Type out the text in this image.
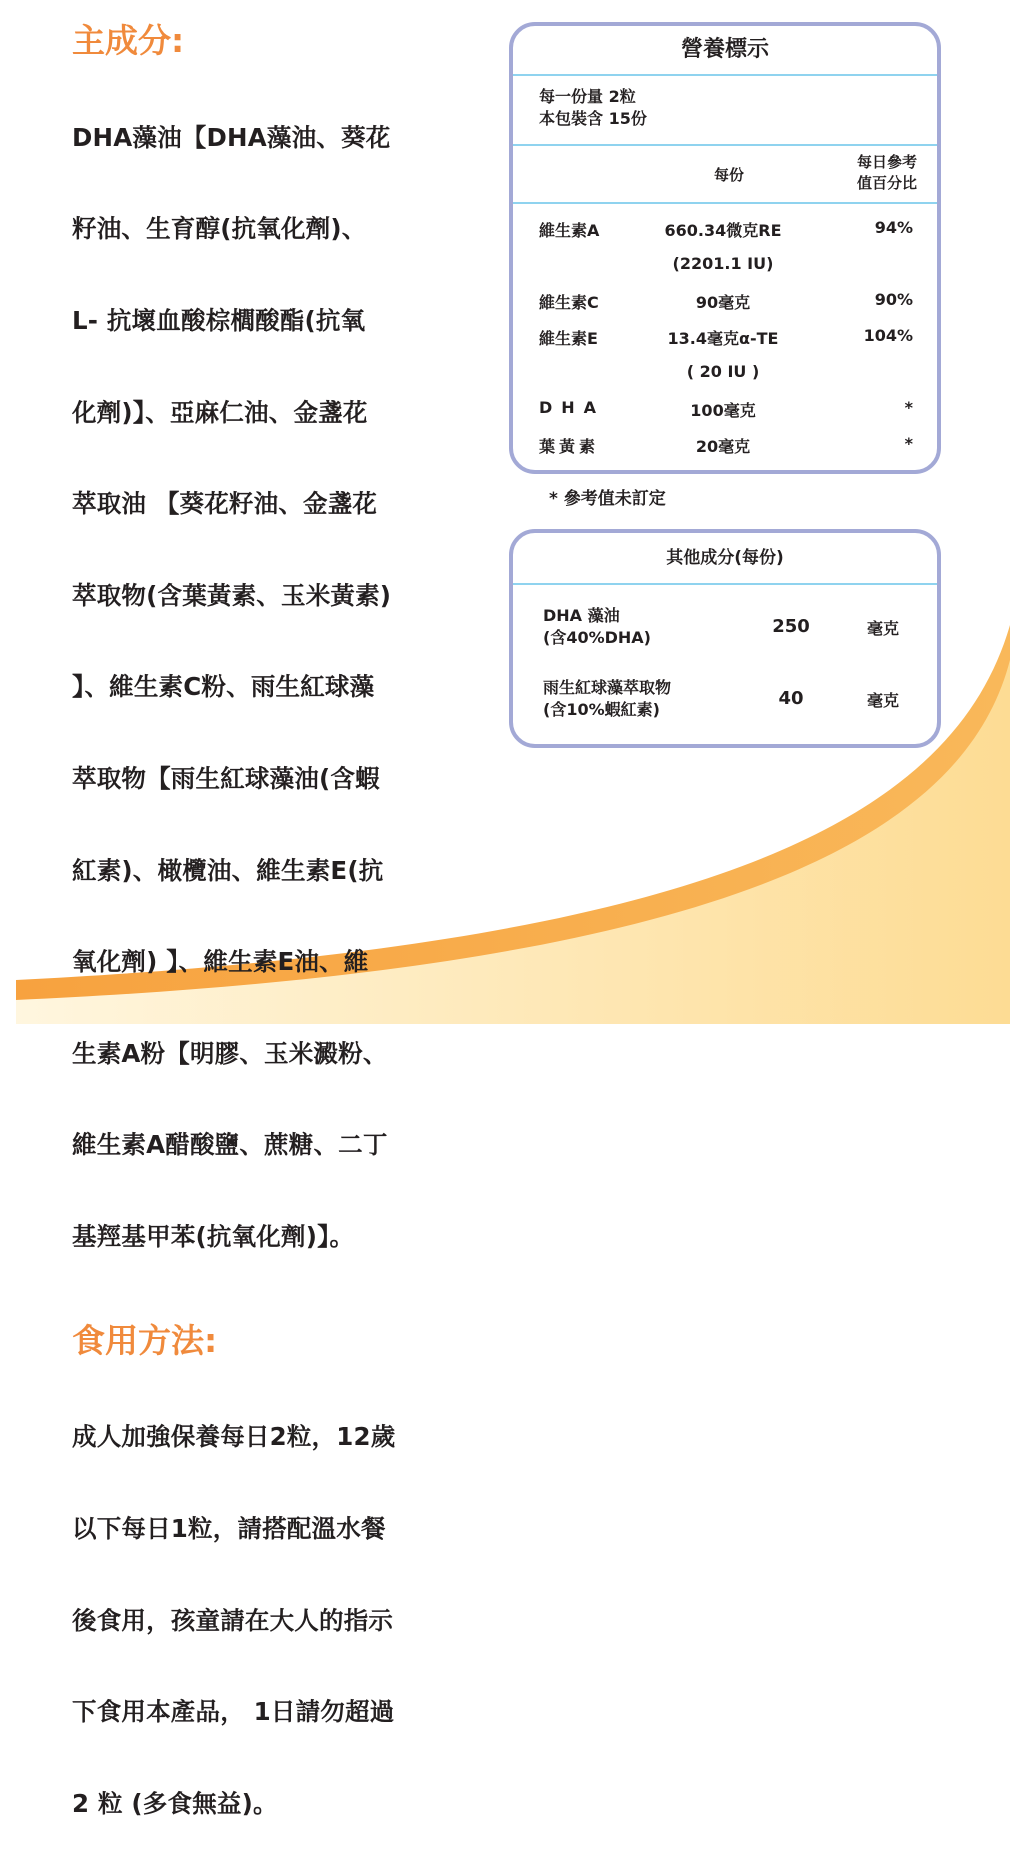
主成分:

DHA藻油【DHA藻油、葵花

籽油、生育醇(抗氧化劑)、

L- 抗壞血酸棕櫚酸酯(抗氧

化劑)】、亞麻仁油、金盞花

萃取油 【葵花籽油、金盞花

萃取物(含葉黃素、玉米黃素)

】、維生素C粉、雨生紅球藻

萃取物【雨生紅球藻油(含蝦

紅素)、橄欖油、維生素E(抗

氧化劑) 】、維生素E油、維

生素A粉【明膠、玉米澱粉、

維生素A醋酸鹽、蔗糖、二丁

基羥基甲苯(抗氧化劑)】。

食用方法:

成人加強保養每日2粒，12歲

以下每日1粒，請搭配溫水餐

後食用，孩童請在大人的指示

下食用本產品， 1日請勿超過

2 粒 (多食無益)。

營養標示
每一份量 2粒
本包裝含 15份
每份
每日參考
值百分比
維生素A	660.34微克RE	94%
(2201.1 IU)
維生素C	90毫克	90%
維生素E	13.4毫克α-TE	104%
( 20 IU )
DHA	100毫克	*
葉黃素	20毫克	*
* 參考值未訂定
其他成分(每份)
DHA 藻油
(含40%DHA)
250	毫克
雨生紅球藻萃取物
(含10%蝦紅素)
40	毫克
